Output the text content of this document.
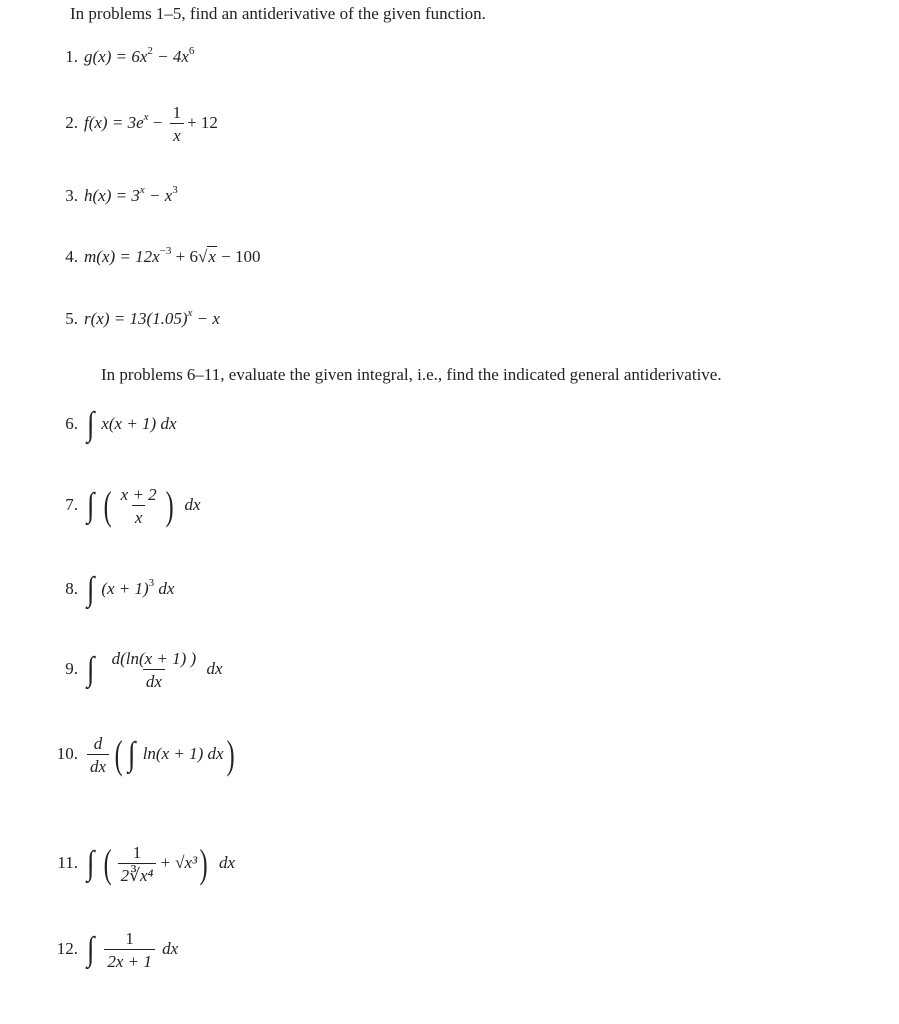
In problems 1–5, find an antiderivative of the given function.
1. $g(x) = 6x^2 - 4x^6$
2. $f(x) = 3e^x - \frac{1}{x} + 12$
3. $h(x) = 3^x - x^3$
4. $m(x) = 12x^{-3} + 6√x - 100$
5. $r(x) = 13(1.05)^x - x$
In problems 6–11, evaluate the given integral, i.e., find the indicated general antiderivative.
6. ∫ x(x + 1) dx
7. ∫ ( $\frac{x + 2}{x}$ ) dx
8. ∫ $(x + 1)^3$ dx
9. ∫ $\frac{d(\ln(x + 1) )}{dx}$ dx
10. $\frac{d}{dx}$ ( ∫ ln(x + 1) dx)
11. ∫ ( $\frac{1}{\text{2∛x⁴}} + √x^3$) dx
12. ∫ $\frac{1}{2x + 1}$ dx
